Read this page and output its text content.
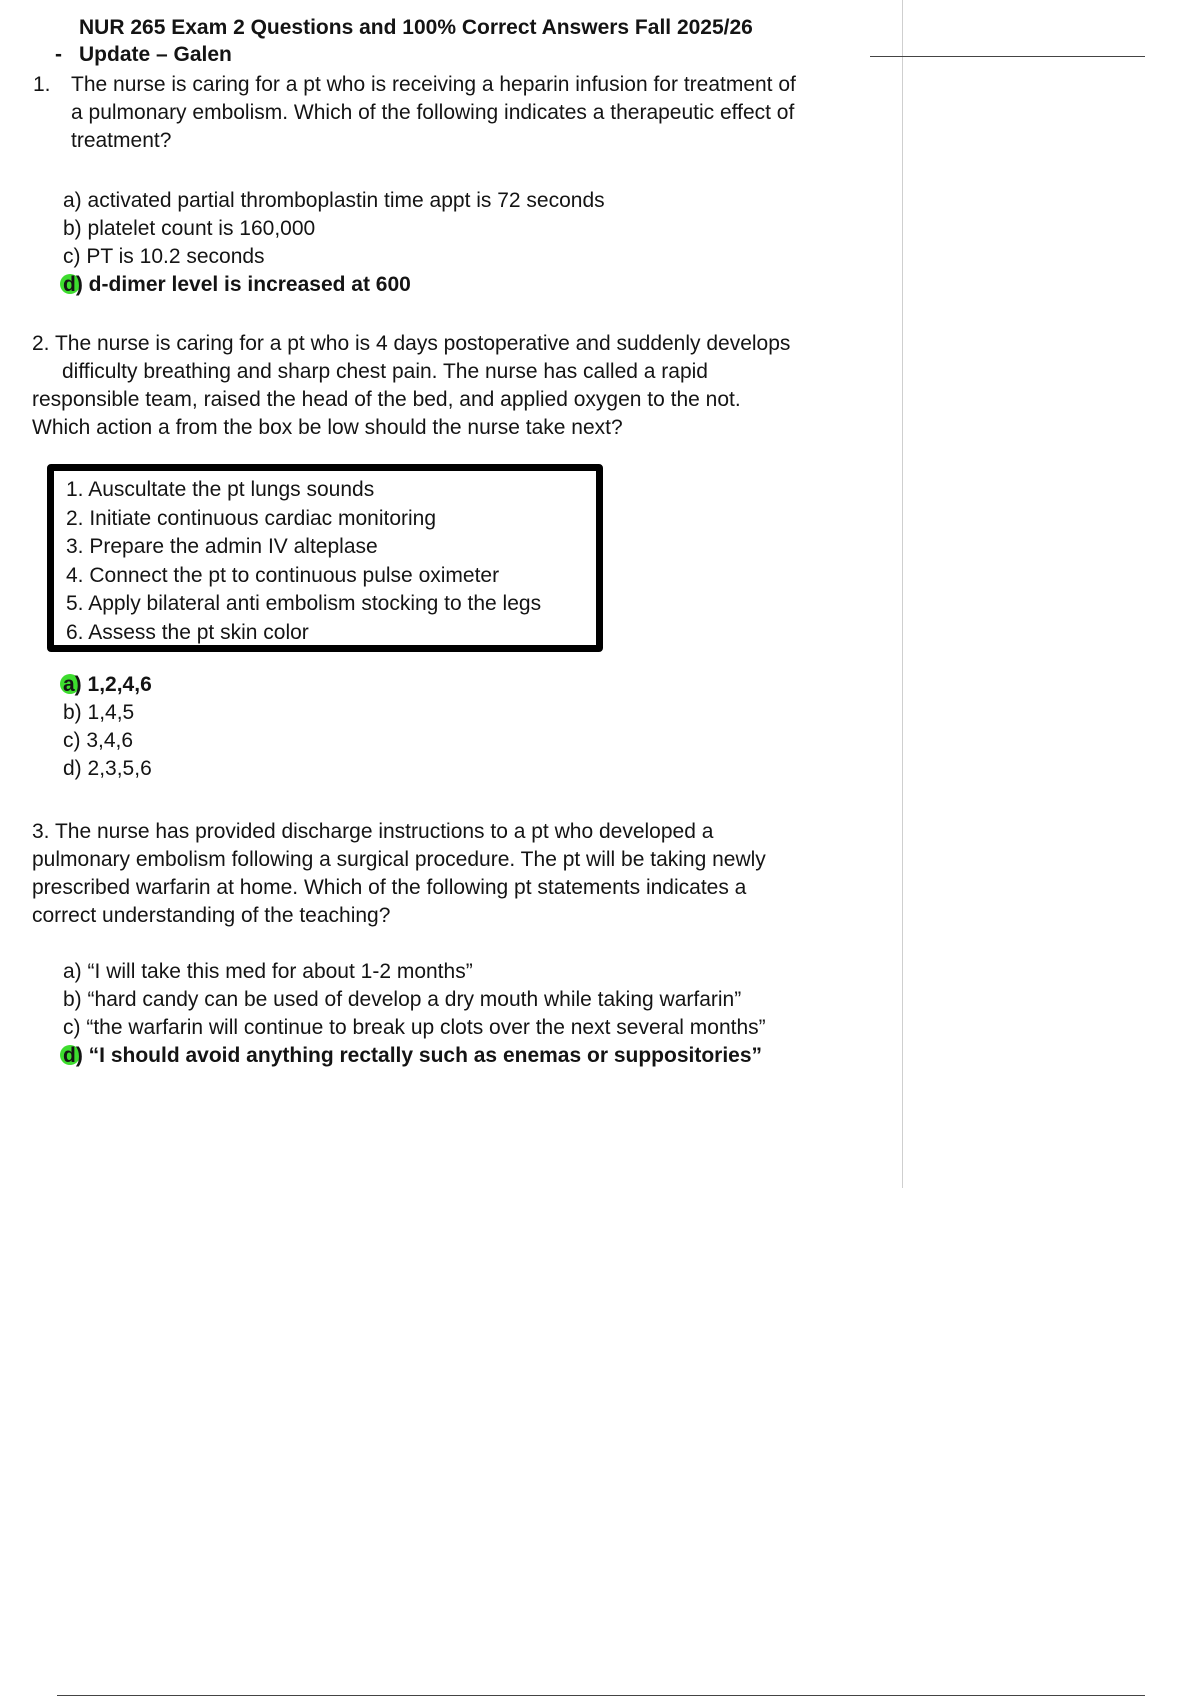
NUR 265 Exam 2 Questions and 100% Correct Answers Fall 2025/26
Update – Galen
-
1. The nurse is caring for a pt who is receiving a heparin infusion for treatment of
a pulmonary embolism. Which of the following indicates a therapeutic effect of
treatment?
a) activated partial thromboplastin time appt is 72 seconds
b) platelet count is 160,000
c) PT is 10.2 seconds
d) d-dimer level is increased at 600
2. The nurse is caring for a pt who is 4 days postoperative and suddenly develops
difficulty breathing and sharp chest pain. The nurse has called a rapid
responsible team, raised the head of the bed, and applied oxygen to the not.
Which action a from the box be low should the nurse take next?
1. Auscultate the pt lungs sounds
2. Initiate continuous cardiac monitoring
3. Prepare the admin IV alteplase
4. Connect the pt to continuous pulse oximeter
5. Apply bilateral anti embolism stocking to the legs
6. Assess the pt skin color
a) 1,2,4,6
b) 1,4,5
c) 3,4,6
d) 2,3,5,6
3. The nurse has provided discharge instructions to a pt who developed a
pulmonary embolism following a surgical procedure. The pt will be taking newly
prescribed warfarin at home. Which of the following pt statements indicates a
correct understanding of the teaching?
a) “I will take this med for about 1-2 months”
b) “hard candy can be used of develop a dry mouth while taking warfarin”
c) “the warfarin will continue to break up clots over the next several months”
d) “I should avoid anything rectally such as enemas or suppositories”
